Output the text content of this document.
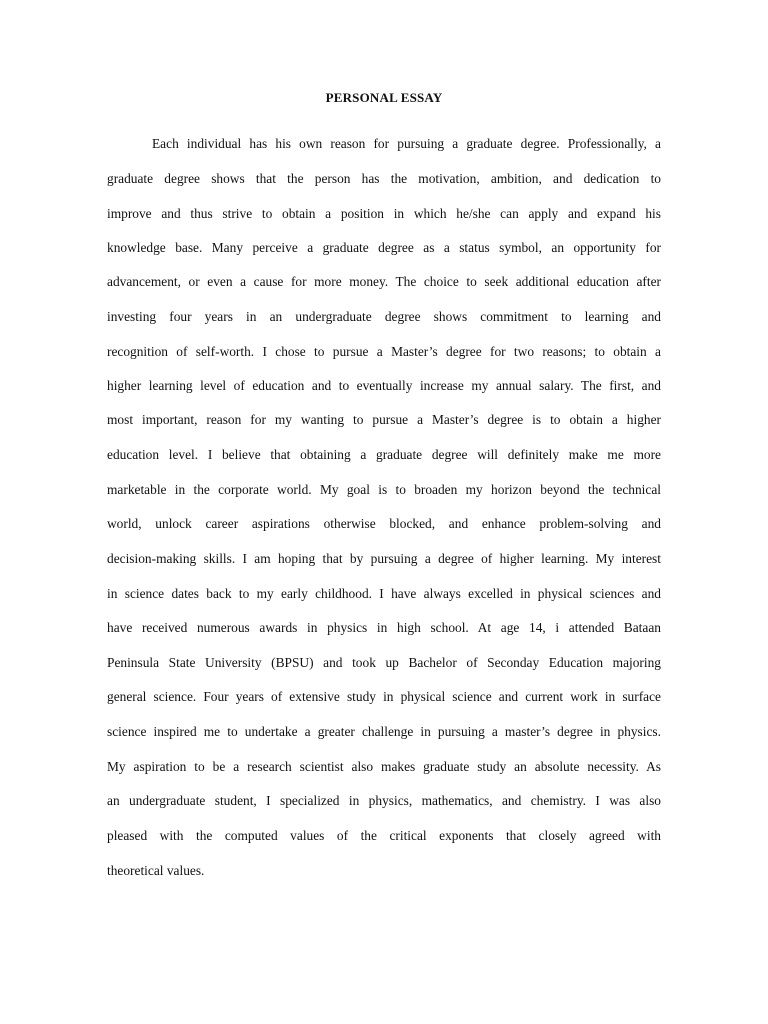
PERSONAL ESSAY
Each individual has his own reason for pursuing a graduate degree. Professionally, a
graduate degree shows that the person has the motivation, ambition, and dedication to
improve and thus strive to obtain a position in which he/she can apply and expand his
knowledge base. Many perceive a graduate degree as a status symbol, an opportunity for
advancement, or even a cause for more money. The choice to seek additional education after
investing four years in an undergraduate degree shows commitment to learning and
recognition of self-worth. I chose to pursue a Master’s degree for two reasons; to obtain a
higher learning level of education and to eventually increase my annual salary. The first, and
most important, reason for my wanting to pursue a Master’s degree is to obtain a higher
education level. I believe that obtaining a graduate degree will definitely make me more
marketable in the corporate world. My goal is to broaden my horizon beyond the technical
world, unlock career aspirations otherwise blocked, and enhance problem-solving and
decision-making skills. I am hoping that by pursuing a degree of higher learning. My interest
in science dates back to my early childhood. I have always excelled in physical sciences and
have received numerous awards in physics in high school. At age 14, i attended Bataan
Peninsula State University (BPSU) and took up Bachelor of Seconday Education majoring
general science. Four years of extensive study in physical science and current work in surface
science inspired me to undertake a greater challenge in pursuing a master’s degree in physics.
My aspiration to be a research scientist also makes graduate study an absolute necessity. As
an undergraduate student, I specialized in physics, mathematics, and chemistry. I was also
pleased with the computed values of the critical exponents that closely agreed with
theoretical values.
